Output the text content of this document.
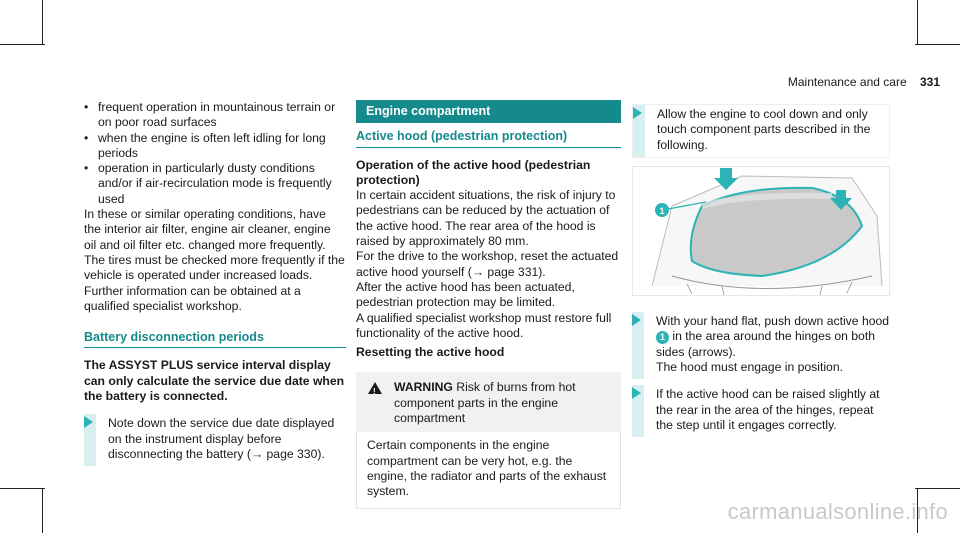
Maintenance and care 331
• frequent operation in mountainous terrain or on poor road surfaces
• when the engine is often left idling for long periods
• operation in particularly dusty conditions and/or if air-recirculation mode is frequently used

In these or similar operating conditions, have the interior air filter, engine air cleaner, engine oil and oil filter etc. changed more frequently. The tires must be checked more frequently if the vehicle is operated under increased loads. Further information can be obtained at a qualified specialist workshop.

Battery disconnection periods

The ASSYST PLUS service interval display can only calculate the service due date when the battery is connected.

Note down the service due date displayed on the instrument display before disconnecting the battery (→ page 330).
Engine compartment
Active hood (pedestrian protection)

Operation of the active hood (pedestrian protection)

In certain accident situations, the risk of injury to pedestrians can be reduced by the actuation of the active hood. The rear area of the hood is raised by approximately 80 mm.

For the drive to the workshop, reset the actuated active hood yourself (→ page 331).

After the active hood has been actuated, pedestrian protection may be limited.

A qualified specialist workshop must restore full functionality of the active hood.

Resetting the active hood

! WARNING Risk of burns from hot component parts in the engine compartment
Certain components in the engine compartment can be very hot, e.g. the engine, the radiator and parts of the exhaust system.
Allow the engine to cool down and only touch component parts described in the following.
1
With your hand flat, push down active hood
1 in the area around the hinges on both sides (arrows).
The hood must engage in position.
If the active hood can be raised slightly at the rear in the area of the hinges, repeat the step until it engages correctly.
carmanualsonline.info
